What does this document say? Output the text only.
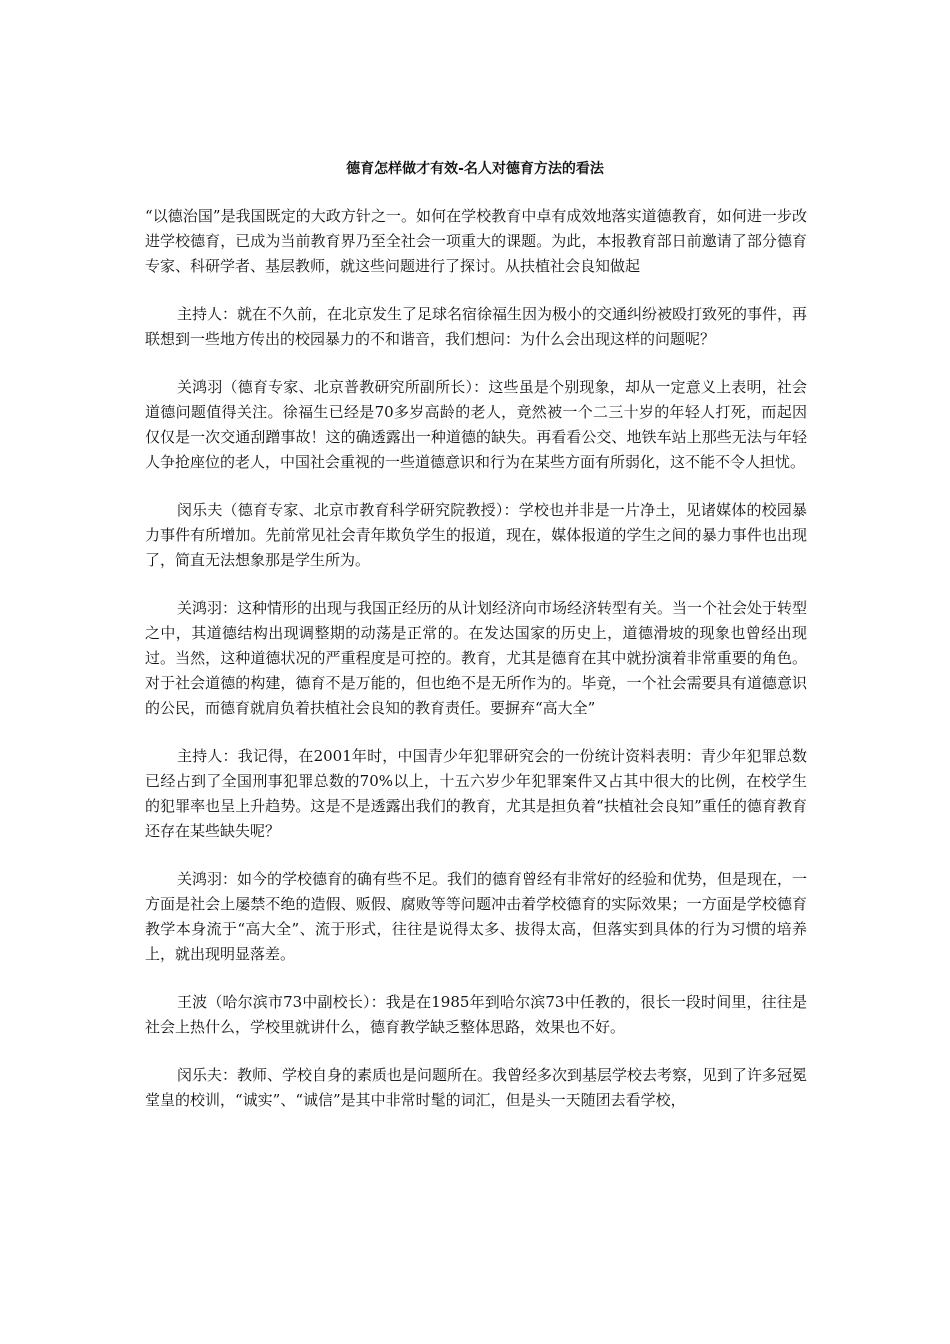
德育怎样做才有效-名人对德育方法的看法

“以德治国”是我国既定的大政方针之一。如何在学校教育中卓有成效地落实道德教育，如何进一步改进学校德育，已成为当前教育界乃至全社会一项重大的课题。为此，本报教育部日前邀请了部分德育专家、科研学者、基层教师，就这些问题进行了探讨。从扶植社会良知做起

主持人：就在不久前，在北京发生了足球名宿徐福生因为极小的交通纠纷被殴打致死的事件，再联想到一些地方传出的校园暴力的不和谐音，我们想问：为什么会出现这样的问题呢？

关鸿羽（德育专家、北京普教研究所副所长）：这些虽是个别现象，却从一定意义上表明，社会道德问题值得关注。徐福生已经是70多岁高龄的老人，竟然被一个二三十岁的年轻人打死，而起因仅仅是一次交通刮蹭事故！这的确透露出一种道德的缺失。再看看公交、地铁车站上那些无法与年轻人争抢座位的老人，中国社会重视的一些道德意识和行为在某些方面有所弱化，这不能不令人担忧。

闵乐夫（德育专家、北京市教育科学研究院教授）：学校也并非是一片净土，见诸媒体的校园暴力事件有所增加。先前常见社会青年欺负学生的报道，现在，媒体报道的学生之间的暴力事件也出现了，简直无法想象那是学生所为。

关鸿羽：这种情形的出现与我国正经历的从计划经济向市场经济转型有关。当一个社会处于转型之中，其道德结构出现调整期的动荡是正常的。在发达国家的历史上，道德滑坡的现象也曾经出现过。当然，这种道德状况的严重程度是可控的。教育，尤其是德育在其中就扮演着非常重要的角色。对于社会道德的构建，德育不是万能的，但也绝不是无所作为的。毕竟，一个社会需要具有道德意识的公民，而德育就肩负着扶植社会良知的教育责任。要摒弃“高大全”

主持人：我记得，在2001年时，中国青少年犯罪研究会的一份统计资料表明：青少年犯罪总数已经占到了全国刑事犯罪总数的70%以上，十五六岁少年犯罪案件又占其中很大的比例，在校学生的犯罪率也呈上升趋势。这是不是透露出我们的教育，尤其是担负着“扶植社会良知”重任的德育教育还存在某些缺失呢？

关鸿羽：如今的学校德育的确有些不足。我们的德育曾经有非常好的经验和优势，但是现在，一方面是社会上屡禁不绝的造假、贩假、腐败等等问题冲击着学校德育的实际效果；一方面是学校德育教学本身流于“高大全”、流于形式，往往是说得太多、拔得太高，但落实到具体的行为习惯的培养上，就出现明显落差。

王波（哈尔滨市73中副校长）：我是在1985年到哈尔滨73中任教的，很长一段时间里，往往是社会上热什么，学校里就讲什么，德育教学缺乏整体思路，效果也不好。

闵乐夫：教师、学校自身的素质也是问题所在。我曾经多次到基层学校去考察，见到了许多冠冕堂皇的校训，“诚实”、“诚信”是其中非常时髦的词汇，但是头一天随团去看学校，
